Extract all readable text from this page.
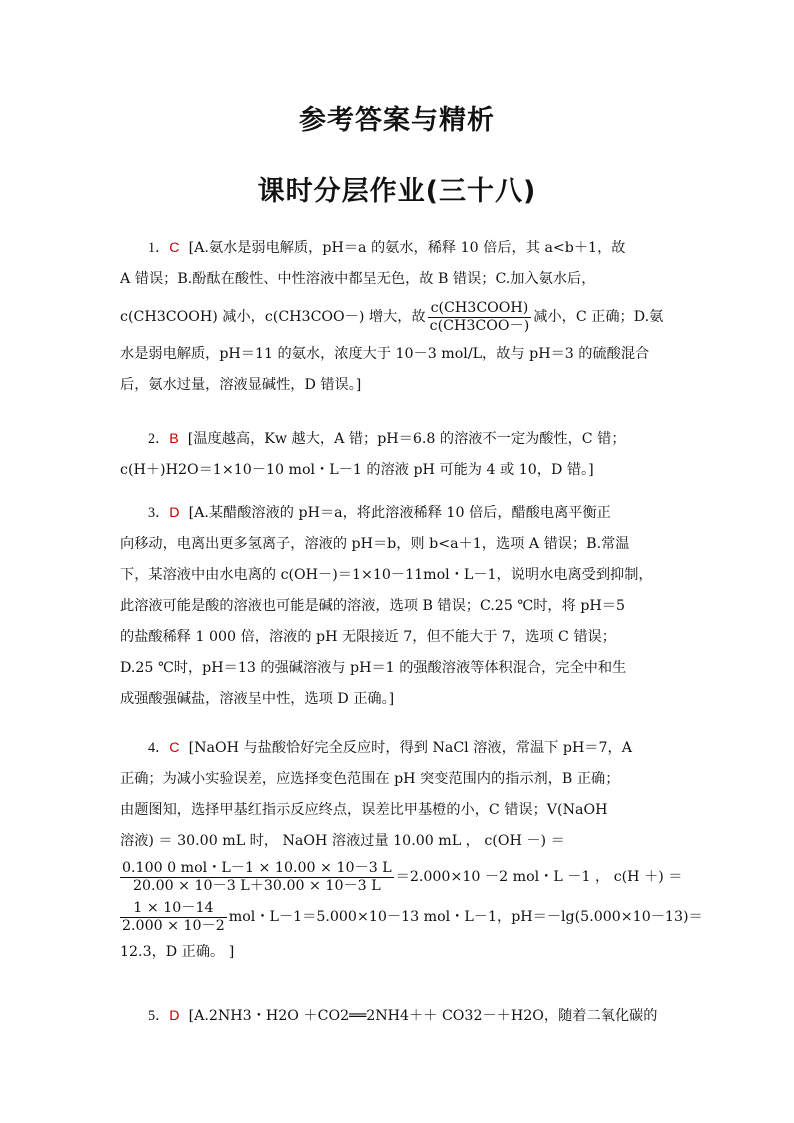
参考答案与精析
课时分层作业(三十八)
1．C [A.氨水是弱电解质，pH＝a 的氨水，稀释 10 倍后，其 a<b＋1，故
A 错误；B.酚酞在酸性、中性溶液中都呈无色，故 B 错误；C.加入氨水后，
c(CH3COOH) 减小，c(CH3COO－) 增大，故 $\frac{\text{c(CH3COOH)}}{\text{c(CH3COO－)}}$ 减小，C 正确；D.氨
水是弱电解质，pH＝11 的氨水，浓度大于 10－3 mol/L，故与 pH＝3 的硫酸混合
后，氨水过量，溶液显碱性，D 错误。]
2．B [温度越高，Kw 越大，A 错；pH＝6.8 的溶液不一定为酸性，C 错；
c(H＋)H2O＝1×10－10 mol・L－1 的溶液 pH 可能为 4 或 10，D 错。]
3．D [A.某醋酸溶液的 pH＝a，将此溶液稀释 10 倍后，醋酸电离平衡正
向移动，电离出更多氢离子，溶液的 pH＝b，则 b<a＋1，选项 A 错误；B.常温
下，某溶液中由水电离的 c(OH－)＝1×10－11mol・L－1，说明水电离受到抑制，
此溶液可能是酸的溶液也可能是碱的溶液，选项 B 错误；C.25 ℃时，将 pH＝5
的盐酸稀释 1 000 倍，溶液的 pH 无限接近 7，但不能大于 7，选项 C 错误；
D.25 ℃时，pH＝13 的强碱溶液与 pH＝1 的强酸溶液等体积混合，完全中和生
成强酸强碱盐，溶液呈中性，选项 D 正确。]
4．C [NaOH 与盐酸恰好完全反应时，得到 NaCl 溶液，常温下 pH＝7，A
正确；为减小实验误差，应选择变色范围在 pH 突变范围内的指示剂，B 正确；
由题图知，选择甲基红指示反应终点，误差比甲基橙的小，C 错误；V(NaOH
溶液) ＝ 30.00 mL 时， NaOH 溶液过量 10.00 mL ， c(OH －) ＝
$\frac{\text{0.100 0 mol・L－1 × 10.00 × 10－3 L}}{20.00 \times 10-3 L+30.00 \times 10-3 L} =2.000\times 10 -2$ mol・L －1 ， c(H ＋) ＝
$\frac{1 \times 10-14}{2.000 \times 10-2}$ mol・L－1＝5.000×10－13 mol・L－1，pH＝－lg(5.000×10－13)＝
12.3，D 正确。 ]
5．D [A.2NH3・H2O ＋CO2══2NH4＋＋ CO32－＋H2O，随着二氧化碳的
